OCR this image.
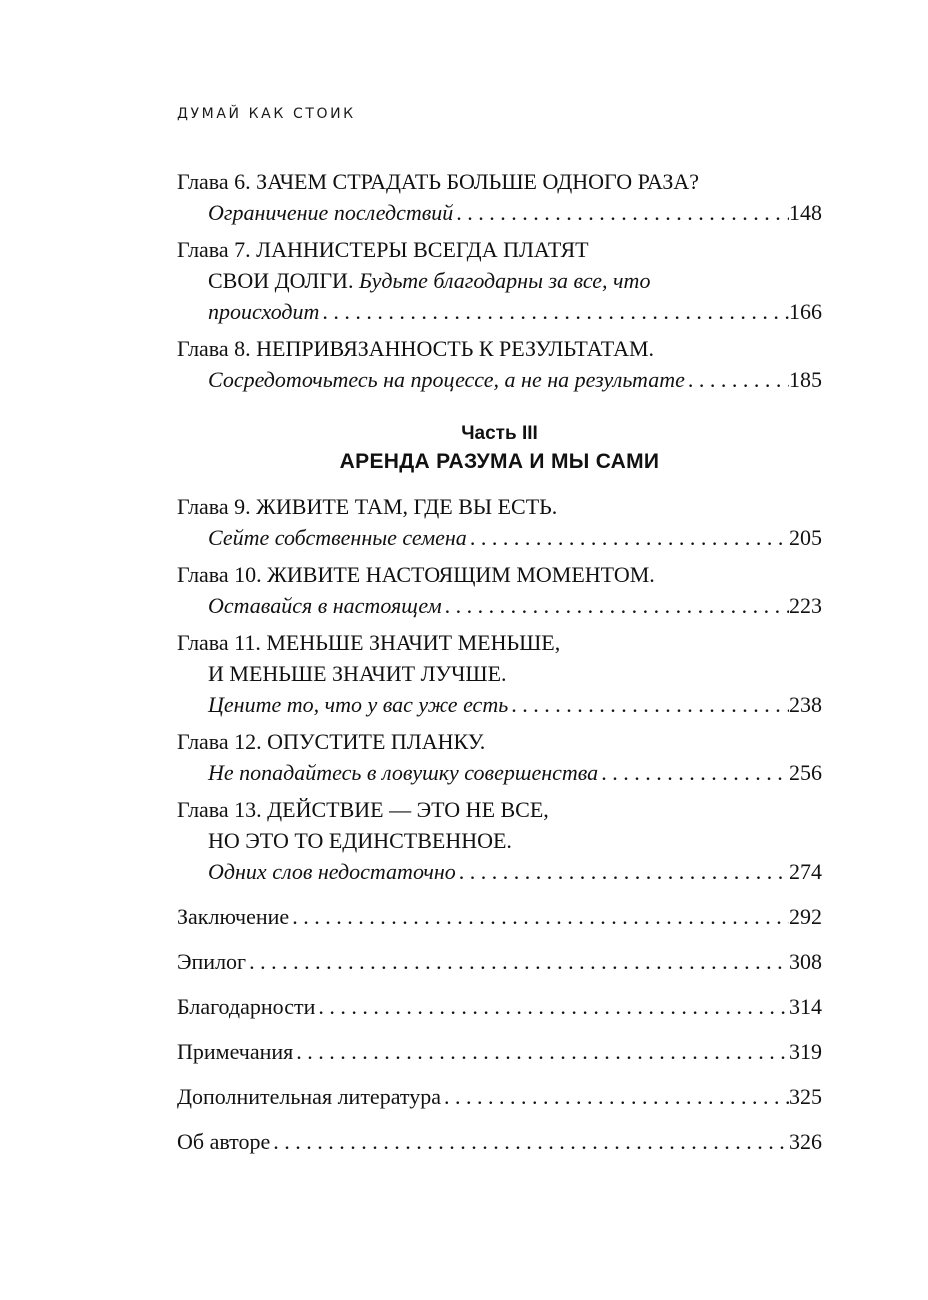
ДУМАЙ КАК СТОИК
Глава 6. ЗАЧЕМ СТРАДАТЬ БОЛЬШЕ ОДНОГО РАЗА?
Ограничение последствий . . .	148
Глава 7. ЛАННИСТЕРЫ ВСЕГДА ПЛАТЯТ
СВОИ ДОЛГИ. Будьте благодарны за все, что
происходит . . .	166
Глава 8. НЕПРИВЯЗАННОСТЬ К РЕЗУЛЬТАТАМ.
Сосредоточьтесь на процессе, а не на результате . . .	185
Часть III
АРЕНДА РАЗУМА И МЫ САМИ
Глава 9. ЖИВИТЕ ТАМ, ГДЕ ВЫ ЕСТЬ.
Сейте собственные семена . . .	205
Глава 10. ЖИВИТЕ НАСТОЯЩИМ МОМЕНТОМ.
Оставайся в настоящем . . .	223
Глава 11. МЕНЬШЕ ЗНАЧИТ МЕНЬШЕ,
И МЕНЬШЕ ЗНАЧИТ ЛУЧШЕ.
Цените то, что у вас уже есть . . .	238
Глава 12. ОПУСТИТЕ ПЛАНКУ.
Не попадайтесь в ловушку совершенства . . .	256
Глава 13. ДЕЙСТВИЕ — ЭТО НЕ ВСЕ,
НО ЭТО ТО ЕДИНСТВЕННОЕ.
Одних слов недостаточно . . .	274
Заключение . . .	292
Эпилог . . .	308
Благодарности . . .	314
Примечания . . .	319
Дополнительная литература . . .	325
Об авторе . . .	326
